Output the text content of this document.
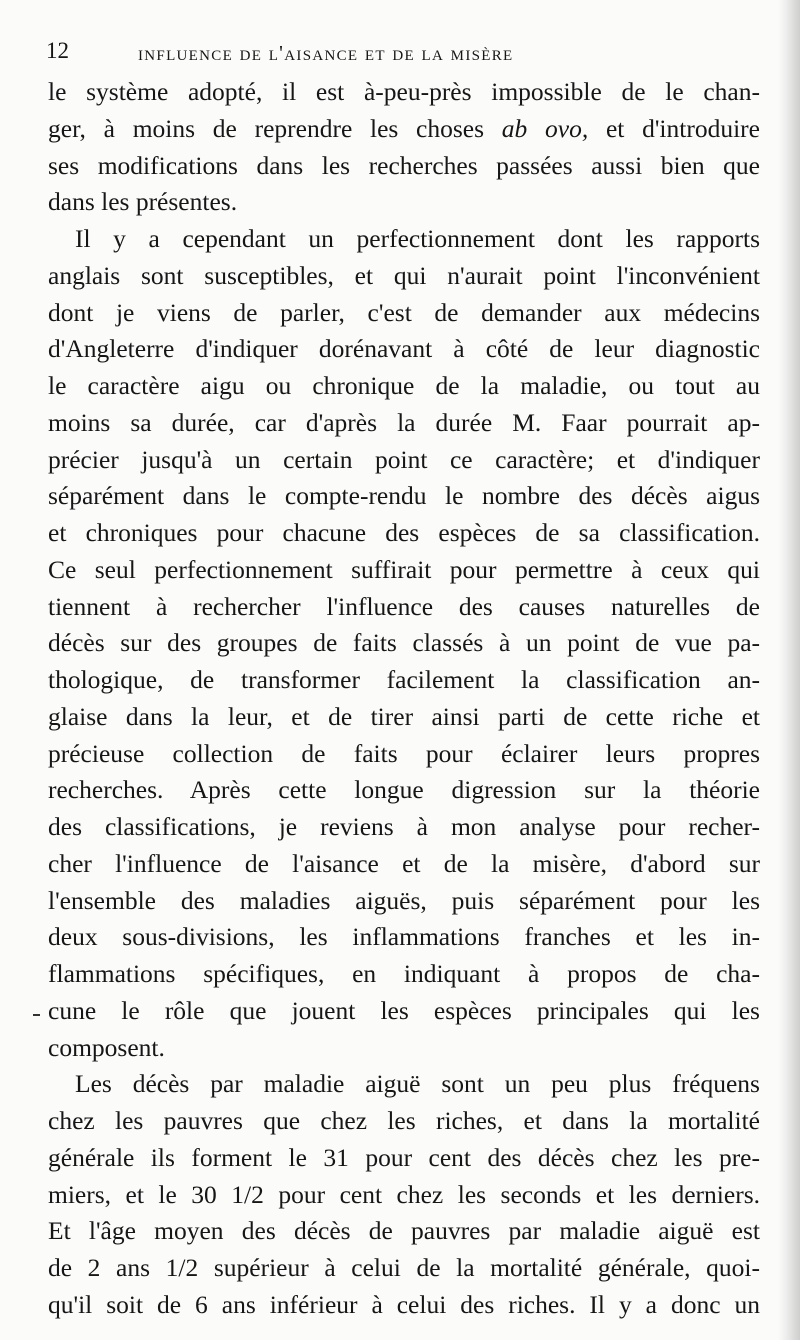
12	influence de l'aisance et de la misère
le système adopté, il est à-peu-près impossible de le chan-
ger, à moins de reprendre les choses ab ovo, et d'introduire
ses modifications dans les recherches passées aussi bien que
dans les présentes.
Il y a cependant un perfectionnement dont les rapports
anglais sont susceptibles, et qui n'aurait point l'inconvénient
dont je viens de parler, c'est de demander aux médecins
d'Angleterre d'indiquer dorénavant à côté de leur diagnostic
le caractère aigu ou chronique de la maladie, ou tout au
moins sa durée, car d'après la durée M. Faar pourrait ap-
précier jusqu'à un certain point ce caractère; et d'indiquer
séparément dans le compte-rendu le nombre des décès aigus
et chroniques pour chacune des espèces de sa classification.
Ce seul perfectionnement suffirait pour permettre à ceux qui
tiennent à rechercher l'influence des causes naturelles de
décès sur des groupes de faits classés à un point de vue pa-
thologique, de transformer facilement la classification an-
glaise dans la leur, et de tirer ainsi parti de cette riche et
précieuse collection de faits pour éclairer leurs propres
recherches. Après cette longue digression sur la théorie
des classifications, je reviens à mon analyse pour recher-
cher l'influence de l'aisance et de la misère, d'abord sur
l'ensemble des maladies aiguës, puis séparément pour les
deux sous-divisions, les inflammations franches et les in-
flammations spécifiques, en indiquant à propos de cha-
cune le rôle que jouent les espèces principales qui les
composent.
Les décès par maladie aiguë sont un peu plus fréquens
chez les pauvres que chez les riches, et dans la mortalité
générale ils forment le 31 pour cent des décès chez les pre-
miers, et le 30 1/2 pour cent chez les seconds et les derniers.
Et l'âge moyen des décès de pauvres par maladie aiguë est
de 2 ans 1/2 supérieur à celui de la mortalité générale, quoi-
qu'il soit de 6 ans inférieur à celui des riches. Il y a donc un
